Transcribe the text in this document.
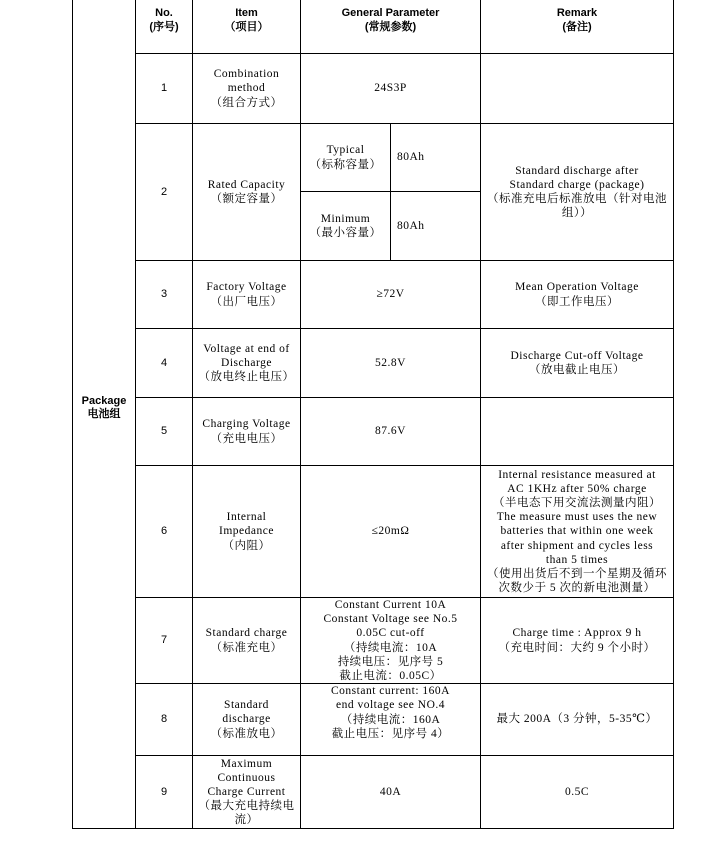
Package
电池组
No.
(序号)
Item
（项目）
General Parameter
(常规参数)
Remark
(备注)
1
Combination
method
（组合方式）
24S3P
2
Rated Capacity
（额定容量）
Typical
（标称容量）
80Ah
Minimum
（最小容量）
80Ah
Standard discharge after
Standard charge (package)
（标准充电后标准放电（针对电池
组））
3
Factory Voltage
（出厂电压）
≥72V
Mean Operation Voltage
（即工作电压）
4
Voltage at end of
Discharge
（放电终止电压）
52.8V
Discharge Cut-off Voltage
（放电截止电压）
5
Charging Voltage
（充电电压）
87.6V
6
Internal
Impedance
（内阻）
≤20mΩ
Internal resistance measured at
AC 1KHz after 50% charge
（半电态下用交流法测量内阻）
The measure must uses the new
batteries that within one week
after shipment and cycles less
than 5 times
（使用出货后不到一个星期及循环
次数少于 5 次的新电池测量）
7
Standard charge
（标准充电）
Constant Current 10A
Constant Voltage see No.5
0.05C cut-off
（持续电流：10A
持续电压：见序号 5
截止电流：0.05C）
Charge time : Approx 9 h
（充电时间：大约 9 个小时）
8
Standard
discharge
（标准放电）
Constant current: 160A
end voltage see NO.4
（持续电流：160A
截止电压：见序号 4）
最大 200A（3 分钟，5-35℃）
9
Maximum
Continuous
Charge Current
（最大充电持续电
流）
40A	0.5C
